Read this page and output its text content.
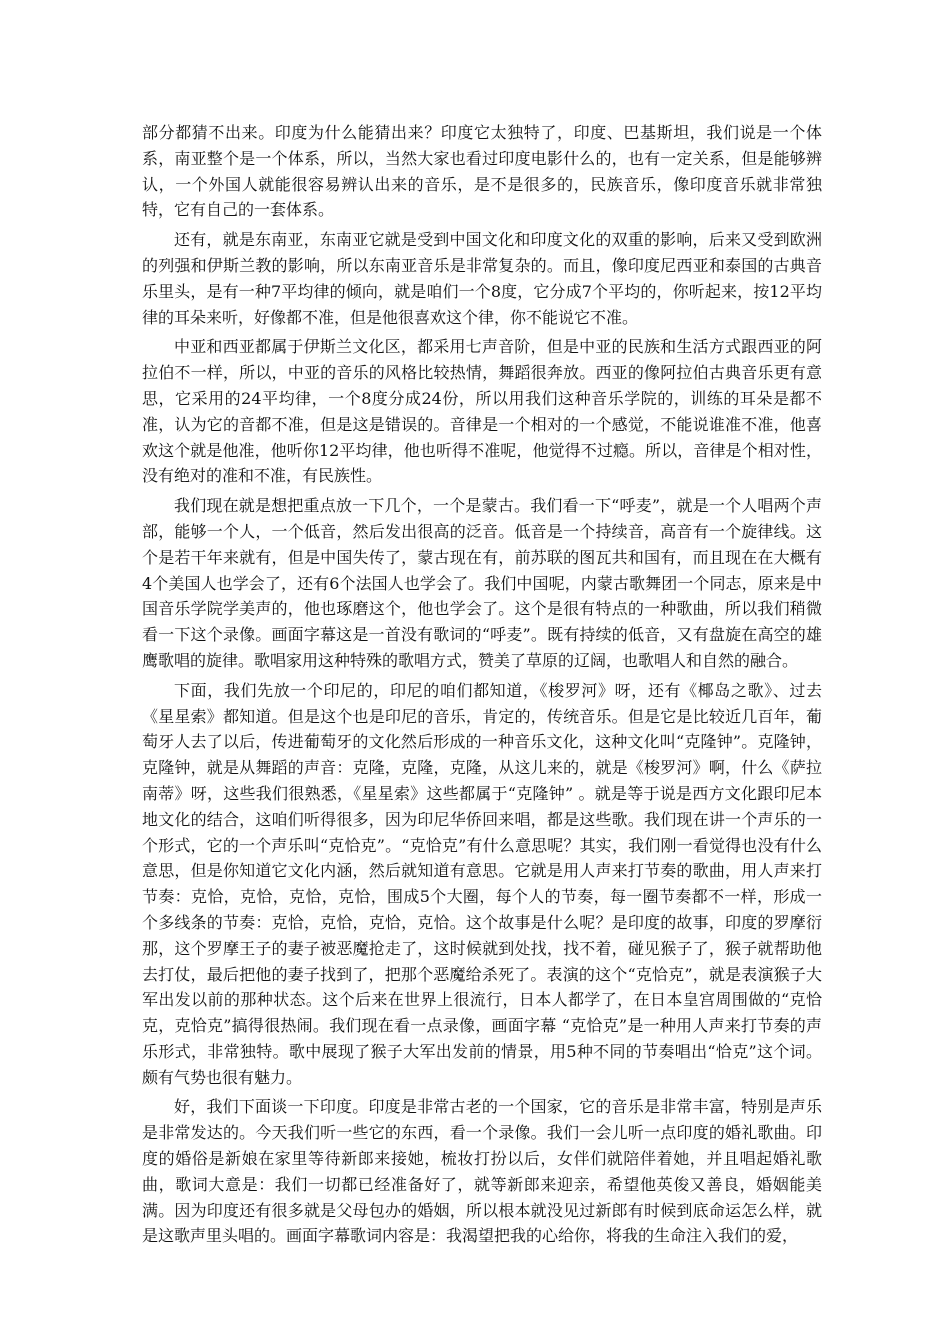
部分都猜不出来。印度为什么能猜出来？印度它太独特了，印度、巴基斯坦，我们说是一个体系，南亚整个是一个体系，所以，当然大家也看过印度电影什么的，也有一定关系，但是能够辨认，一个外国人就能很容易辨认出来的音乐，是不是很多的，民族音乐，像印度音乐就非常独特，它有自己的一套体系。

还有，就是东南亚，东南亚它就是受到中国文化和印度文化的双重的影响，后来又受到欧洲的列强和伊斯兰教的影响，所以东南亚音乐是非常复杂的。而且，像印度尼西亚和泰国的古典音乐里头，是有一种7平均律的倾向，就是咱们一个8度，它分成7个平均的，你听起来，按12平均律的耳朵来听，好像都不准，但是他很喜欢这个律，你不能说它不准。

中亚和西亚都属于伊斯兰文化区，都采用七声音阶，但是中亚的民族和生活方式跟西亚的阿拉伯不一样，所以，中亚的音乐的风格比较热情，舞蹈很奔放。西亚的像阿拉伯古典音乐更有意思，它采用的24平均律，一个8度分成24份，所以用我们这种音乐学院的，训练的耳朵是都不准，认为它的音都不准，但是这是错误的。音律是一个相对的一个感觉，不能说谁准不准，他喜欢这个就是他准，他听你12平均律，他也听得不准呢，他觉得不过瘾。所以，音律是个相对性，没有绝对的准和不准，有民族性。

我们现在就是想把重点放一下几个，一个是蒙古。我们看一下“呼麦”，就是一个人唱两个声部，能够一个人，一个低音，然后发出很高的泛音。低音是一个持续音，高音有一个旋律线。这个是若干年来就有，但是中国失传了，蒙古现在有，前苏联的图瓦共和国有，而且现在在大概有4个美国人也学会了，还有6个法国人也学会了。我们中国呢，内蒙古歌舞团一个同志，原来是中国音乐学院学美声的，他也琢磨这个，他也学会了。这个是很有特点的一种歌曲，所以我们稍微看一下这个录像。画面字幕这是一首没有歌词的“呼麦”。既有持续的低音，又有盘旋在高空的雄鹰歌唱的旋律。歌唱家用这种特殊的歌唱方式，赞美了草原的辽阔，也歌唱人和自然的融合。

下面，我们先放一个印尼的，印尼的咱们都知道，《梭罗河》呀，还有《椰岛之歌》、过去《星星索》都知道。但是这个也是印尼的音乐，肯定的，传统音乐。但是它是比较近几百年，葡萄牙人去了以后，传进葡萄牙的文化然后形成的一种音乐文化，这种文化叫“克隆钟”。克隆钟，克隆钟，就是从舞蹈的声音：克隆，克隆，克隆，从这儿来的，就是《梭罗河》啊，什么《萨拉南蒂》呀，这些我们很熟悉，《星星索》这些都属于“克隆钟” 。就是等于说是西方文化跟印尼本地文化的结合，这咱们听得很多，因为印尼华侨回来唱，都是这些歌。我们现在讲一个声乐的一个形式，它的一个声乐叫“克恰克”。“克恰克”有什么意思呢？其实，我们刚一看觉得也没有什么意思，但是你知道它文化内涵，然后就知道有意思。它就是用人声来打节奏的歌曲，用人声来打节奏：克恰，克恰，克恰，克恰，围成5个大圈，每个人的节奏，每一圈节奏都不一样，形成一个多线条的节奏：克恰，克恰，克恰，克恰。这个故事是什么呢？是印度的故事，印度的罗摩衍那，这个罗摩王子的妻子被恶魔抢走了，这时候就到处找，找不着，碰见猴子了，猴子就帮助他去打仗，最后把他的妻子找到了，把那个恶魔给杀死了。表演的这个“克恰克”，就是表演猴子大军出发以前的那种状态。这个后来在世界上很流行，日本人都学了，在日本皇宫周围做的“克恰克，克恰克”搞得很热闹。我们现在看一点录像，画面字幕 “克恰克”是一种用人声来打节奏的声乐形式，非常独特。歌中展现了猴子大军出发前的情景，用5种不同的节奏唱出“恰克”这个词。颇有气势也很有魅力。

好，我们下面谈一下印度。印度是非常古老的一个国家，它的音乐是非常丰富，特别是声乐是非常发达的。今天我们听一些它的东西，看一个录像。我们一会儿听一点印度的婚礼歌曲。印度的婚俗是新娘在家里等待新郎来接她，梳妆打扮以后，女伴们就陪伴着她，并且唱起婚礼歌曲，歌词大意是：我们一切都已经准备好了，就等新郎来迎亲，希望他英俊又善良，婚姻能美满。因为印度还有很多就是父母包办的婚姻，所以根本就没见过新郎有时候到底命运怎么样，就是这歌声里头唱的。画面字幕歌词内容是：我渴望把我的心给你，将我的生命注入我们的爱，
